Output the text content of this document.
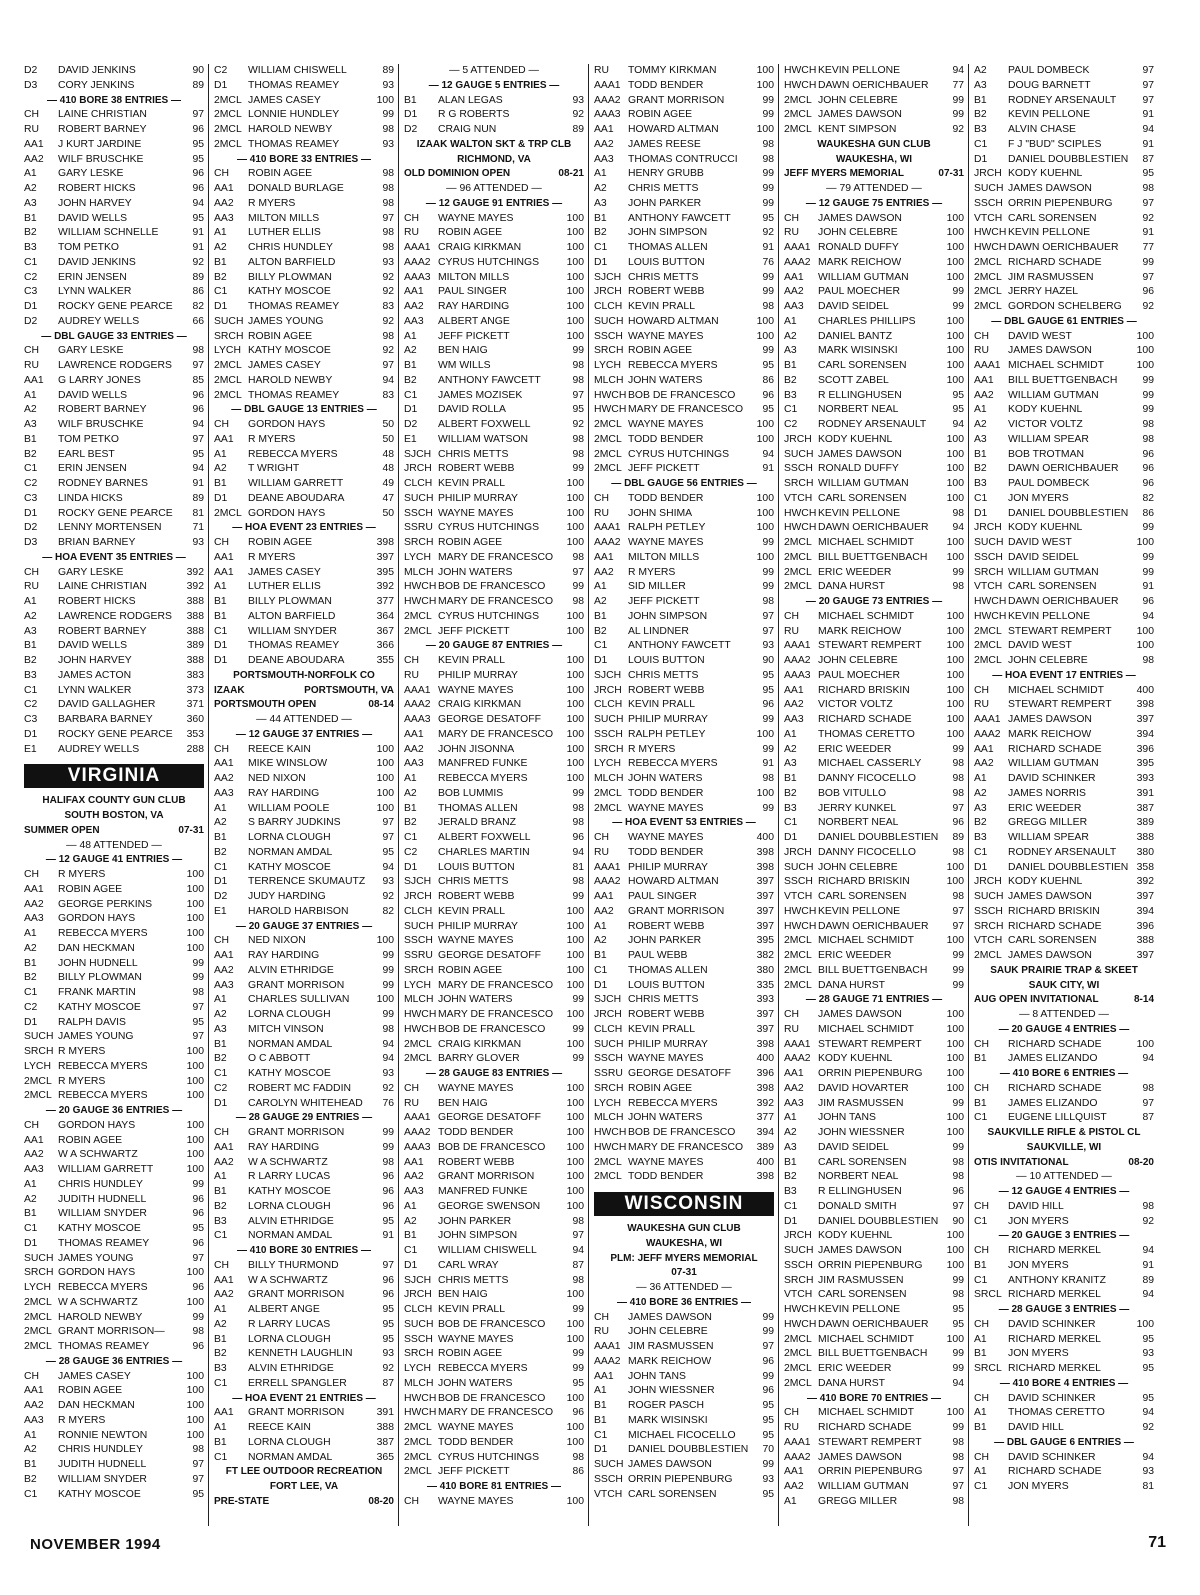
D2	DAVID JENKINS	90
D3	CORY JENKINS	89
— 410 BORE 38 ENTRIES —
CH	LAINE CHRISTIAN	97
RU	ROBERT BARNEY	96
AA1	J KURT JARDINE	95
AA2	WILF BRUSCHKE	95
A1	GARY LESKE	96
A2	ROBERT HICKS	96
A3	JOHN HARVEY	94
B1	DAVID WELLS	95
B2	WILLIAM SCHNELLE	91
B3	TOM PETKO	91
C1	DAVID JENKINS	92
C2	ERIN JENSEN	89
C3	LYNN WALKER	86
D1	ROCKY GENE PEARCE	82
D2	AUDREY WELLS	66
— DBL GAUGE 33 ENTRIES —
CH	GARY LESKE	98
RU	LAWRENCE RODGERS	97
AA1	G LARRY JONES	85
A1	DAVID WELLS	96
A2	ROBERT BARNEY	96
A3	WILF BRUSCHKE	94
B1	TOM PETKO	97
B2	EARL BEST	95
C1	ERIN JENSEN	94
C2	RODNEY BARNES	91
C3	LINDA HICKS	89
D1	ROCKY GENE PEARCE	81
D2	LENNY MORTENSEN	71
D3	BRIAN BARNEY	93
— HOA EVENT 35 ENTRIES —
CH	GARY LESKE	392
RU	LAINE CHRISTIAN	392
A1	ROBERT HICKS	388
A2	LAWRENCE RODGERS	388
A3	ROBERT BARNEY	388
B1	DAVID WELLS	389
B2	JOHN HARVEY	388
B3	JAMES ACTON	383
C1	LYNN WALKER	373
C2	DAVID GALLAGHER	371
C3	BARBARA BARNEY	360
D1	ROCKY GENE PEARCE	353
E1	AUDREY WELLS	288
VIRGINIA
HALIFAX COUNTY GUN CLUB
SOUTH BOSTON, VA
SUMMER OPEN	07-31
— 48 ATTENDED —
— 12 GAUGE 41 ENTRIES —
CH	R MYERS	100
AA1	ROBIN AGEE	100
AA2	GEORGE PERKINS	100
AA3	GORDON HAYS	100
A1	REBECCA MYERS	100
A2	DAN HECKMAN	100
B1	JOHN HUDNELL	99
B2	BILLY PLOWMAN	99
C1	FRANK MARTIN	98
C2	KATHY MOSCOE	97
D1	RALPH DAVIS	95
SUCH JAMES YOUNG	97
SRCH R MYERS	100
LYCH REBECCA MYERS	100
2MCL R MYERS	100
2MCL REBECCA MYERS	100
— 20 GAUGE 36 ENTRIES —
CH	GORDON HAYS	100
AA1	ROBIN AGEE	100
AA2	W A SCHWARTZ	100
AA3	WILLIAM GARRETT	100
A1	CHRIS HUNDLEY	99
A2	JUDITH HUDNELL	96
B1	WILLIAM SNYDER	96
C1	KATHY MOSCOE	95
D1	THOMAS REAMEY	96
SUCH JAMES YOUNG	97
SRCH GORDON HAYS	100
LYCH REBECCA MYERS	96
2MCL W A SCHWARTZ	100
2MCL HAROLD NEWBY	99
2MCL GRANT MORRISON—	98
2MCL THOMAS REAMEY	96
— 28 GAUGE 36 ENTRIES —
CH	JAMES CASEY	100
AA1	ROBIN AGEE	100
AA2	DAN HECKMAN	100
AA3	R MYERS	100
A1	RONNIE NEWTON	100
A2	CHRIS HUNDLEY	98
B1	JUDITH HUDNELL	97
B2	WILLIAM SNYDER	97
C1	KATHY MOSCOE	95
C2	WILLIAM CHISWELL	89
D1	THOMAS REAMEY	93
2MCL JAMES CASEY	100
2MCL LONNIE HUNDLEY	99
2MCL HAROLD NEWBY	98
2MCL THOMAS REAMEY	93
— 410 BORE 33 ENTRIES —
CH	ROBIN AGEE	98
AA1	DONALD BURLAGE	98
AA2	R MYERS	98
AA3	MILTON MILLS	97
A1	LUTHER ELLIS	98
A2	CHRIS HUNDLEY	98
B1	ALTON BARFIELD	93
B2	BILLY PLOWMAN	92
C1	KATHY MOSCOE	92
D1	THOMAS REAMEY	83
SUCH JAMES YOUNG	92
SRCH ROBIN AGEE	98
LYCH KATHY MOSCOE	92
2MCL JAMES CASEY	97
2MCL HAROLD NEWBY	94
2MCL THOMAS REAMEY	83
— DBL GAUGE 13 ENTRIES —
CH	GORDON HAYS	50
AA1	R MYERS	50
A1	REBECCA MYERS	48
A2	T WRIGHT	48
B1	WILLIAM GARRETT	49
D1	DEANE ABOUDARA	47
2MCL GORDON HAYS	50
— HOA EVENT 23 ENTRIES —
CH	ROBIN AGEE	398
AA1	R MYERS	397
AA1	JAMES CASEY	395
A1	LUTHER ELLIS	392
B1	BILLY PLOWMAN	377
B1	ALTON BARFIELD	364
C1	WILLIAM SNYDER	367
D1	THOMAS REAMEY	366
D1	DEANE ABOUDARA	355
PORTSMOUTH-NORFOLK CO
IZAAK	PORTSMOUTH, VA
PORTSMOUTH OPEN	08-14
— 44 ATTENDED —
— 12 GAUGE 37 ENTRIES —
CH	REECE KAIN	100
AA1	MIKE WINSLOW	100
AA2	NED NIXON	100
AA3	RAY HARDING	100
A1	WILLIAM POOLE	100
A2	S BARRY JUDKINS	97
B1	LORNA CLOUGH	97
B2	NORMAN AMDAL	95
C1	KATHY MOSCOE	94
D1	TERRENCE SKUMAUTZ	93
D2	JUDY HARDING	92
E1	HAROLD HARBISON	82
— 20 GAUGE 37 ENTRIES —
CH	NED NIXON	100
AA1	RAY HARDING	99
AA2	ALVIN ETHRIDGE	99
AA3	GRANT MORRISON	99
A1	CHARLES SULLIVAN	100
A2	LORNA CLOUGH	99
A3	MITCH VINSON	98
B1	NORMAN AMDAL	94
B2	O C ABBOTT	94
C1	KATHY MOSCOE	93
C2	ROBERT MC FADDIN	92
D1	CAROLYN WHITEHEAD	76
— 28 GAUGE 29 ENTRIES —
CH	GRANT MORRISON	99
AA1	RAY HARDING	99
AA2	W A SCHWARTZ	98
A1	R LARRY LUCAS	96
B1	KATHY MOSCOE	96
B2	LORNA CLOUGH	96
B3	ALVIN ETHRIDGE	95
C1	NORMAN AMDAL	91
— 410 BORE 30 ENTRIES —
CH	BILLY THURMOND	97
AA1	W A SCHWARTZ	96
AA2	GRANT MORRISON	96
A1	ALBERT ANGE	95
A2	R LARRY LUCAS	95
B1	LORNA CLOUGH	95
B2	KENNETH LAUGHLIN	93
B3	ALVIN ETHRIDGE	92
C1	ERRELL SPANGLER	87
— HOA EVENT 21 ENTRIES —
AA1	GRANT MORRISON	391
A1	REECE KAIN	388
B1	LORNA CLOUGH	387
C1	NORMAN AMDAL	365
FT LEE OUTDOOR RECREATION
FORT LEE, VA
PRE-STATE	08-20
— 5 ATTENDED —
— 12 GAUGE 5 ENTRIES —
B1	ALAN LEGAS	93
D1	R G ROBERTS	92
D2	CRAIG NUN	89
IZAAK WALTON SKT & TRP CLB
RICHMOND, VA
OLD DOMINION OPEN	08-21
— 96 ATTENDED —
— 12 GAUGE 91 ENTRIES —
CH	WAYNE MAYES	100
RU	ROBIN AGEE	100
AAA1 CRAIG KIRKMAN	100
AAA2 CYRUS HUTCHINGS	100
AAA3 MILTON MILLS	100
AA1	PAUL SINGER	100
AA2	RAY HARDING	100
AA3	ALBERT ANGE	100
A1	JEFF PICKETT	100
A2	BEN HAIG	99
B1	WM WILLS	98
B2	ANTHONY FAWCETT	98
C1	JAMES MOZISEK	97
D1	DAVID ROLLA	95
D2	ALBERT FOXWELL	92
E1	WILLIAM WATSON	98
SJCH CHRIS METTS	98
JRCH ROBERT WEBB	99
CLCH KEVIN PRALL	100
SUCH PHILIP MURRAY	100
SSCH WAYNE MAYES	100
SSRU CYRUS HUTCHINGS	100
SRCH ROBIN AGEE	100
LYCH MARY DE FRANCESCO	98
MLCH JOHN WATERS	97
HWCH BOB DE FRANCESCO	99
HWCH MARY DE FRANCESCO	98
2MCL CYRUS HUTCHINGS	100
2MCL JEFF PICKETT	100
— 20 GAUGE 87 ENTRIES —
CH	KEVIN PRALL	100
RU	PHILIP MURRAY	100
AAA1 WAYNE MAYES	100
AAA2 CRAIG KIRKMAN	100
AAA3 GEORGE DESATOFF	100
AA1	MARY DE FRANCESCO	100
AA2	JOHN JISONNA	100
AA3	MANFRED FUNKE	100
A1	REBECCA MYERS	100
A2	BOB LUMMIS	99
B1	THOMAS ALLEN	98
B2	JERALD BRANZ	98
C1	ALBERT FOXWELL	96
C2	CHARLES MARTIN	94
D1	LOUIS BUTTON	81
SJCH CHRIS METTS	98
JRCH ROBERT WEBB	99
CLCH KEVIN PRALL	100
SUCH PHILIP MURRAY	100
SSCH WAYNE MAYES	100
SSRU GEORGE DESATOFF	100
SRCH ROBIN AGEE	100
LYCH MARY DE FRANCESCO	100
MLCH JOHN WATERS	99
HWCH MARY DE FRANCESCO	100
HWCH BOB DE FRANCESCO	99
2MCL CRAIG KIRKMAN	100
2MCL BARRY GLOVER	99
— 28 GAUGE 83 ENTRIES —
CH	WAYNE MAYES	100
RU	BEN HAIG	100
AAA1 GEORGE DESATOFF	100
AAA2 TODD BENDER	100
AAA3 BOB DE FRANCESCO	100
AA1	ROBERT WEBB	100
AA2	GRANT MORRISON	100
AA3	MANFRED FUNKE	100
A1	GEORGE SWENSON	100
A2	JOHN PARKER	98
B1	JOHN SIMPSON	97
C1	WILLIAM CHISWELL	94
D1	CARL WRAY	87
SJCH CHRIS METTS	98
JRCH BEN HAIG	100
CLCH KEVIN PRALL	99
SUCH BOB DE FRANCESCO	100
SSCH WAYNE MAYES	100
SRCH ROBIN AGEE	99
LYCH REBECCA MYERS	99
MLCH JOHN WATERS	95
HWCH BOB DE FRANCESCO	100
HWCH MARY DE FRANCESCO	96
2MCL WAYNE MAYES	100
2MCL TODD BENDER	100
2MCL CYRUS HUTCHINGS	98
2MCL JEFF PICKETT	86
— 410 BORE 81 ENTRIES —
CH	WAYNE MAYES	100
RU	TOMMY KIRKMAN	100
AAA1 TODD BENDER	100
AAA2 GRANT MORRISON	99
AAA3 ROBIN AGEE	99
AA1	HOWARD ALTMAN	100
AA2	JAMES REESE	98
AA3	THOMAS CONTRUCCI	98
A1	HENRY GRUBB	99
A2	CHRIS METTS	99
A3	JOHN PARKER	99
B1	ANTHONY FAWCETT	95
B2	JOHN SIMPSON	92
C1	THOMAS ALLEN	91
D1	LOUIS BUTTON	76
SJCH CHRIS METTS	99
JRCH ROBERT WEBB	99
CLCH KEVIN PRALL	98
SUCH HOWARD ALTMAN	100
SSCH WAYNE MAYES	100
SRCH ROBIN AGEE	99
LYCH REBECCA MYERS	95
MLCH JOHN WATERS	86
HWCH BOB DE FRANCESCO	96
HWCH MARY DE FRANCESCO	95
2MCL WAYNE MAYES	100
2MCL TODD BENDER	100
2MCL CYRUS HUTCHINGS	94
2MCL JEFF PICKETT	91
— DBL GAUGE 56 ENTRIES —
CH	TODD BENDER	100
RU	JOHN SHIMA	100
AAA1 RALPH PETLEY	100
AAA2 WAYNE MAYES	99
AA1	MILTON MILLS	100
AA2	R MYERS	99
A1	SID MILLER	99
A2	JEFF PICKETT	98
B1	JOHN SIMPSON	97
B2	AL LINDNER	97
C1	ANTHONY FAWCETT	93
D1	LOUIS BUTTON	90
SJCH CHRIS METTS	95
JRCH ROBERT WEBB	95
CLCH KEVIN PRALL	96
SUCH PHILIP MURRAY	99
SSCH RALPH PETLEY	100
SRCH R MYERS	99
LYCH REBECCA MYERS	91
MLCH JOHN WATERS	98
2MCL TODD BENDER	100
2MCL WAYNE MAYES	99
— HOA EVENT 53 ENTRIES —
CH	WAYNE MAYES	400
RU	TODD BENDER	398
AAA1 PHILIP MURRAY	398
AAA2 HOWARD ALTMAN	397
AA1	PAUL SINGER	397
AA2	GRANT MORRISON	397
A1	ROBERT WEBB	397
A2	JOHN PARKER	395
B1	PAUL WEBB	382
C1	THOMAS ALLEN	380
D1	LOUIS BUTTON	335
SJCH CHRIS METTS	393
JRCH ROBERT WEBB	397
CLCH KEVIN PRALL	397
SUCH PHILIP MURRAY	398
SSCH WAYNE MAYES	400
SSRU GEORGE DESATOFF	396
SRCH ROBIN AGEE	398
LYCH REBECCA MYERS	392
MLCH JOHN WATERS	377
HWCH BOB DE FRANCESCO	394
HWCH MARY DE FRANCESCO	389
2MCL WAYNE MAYES	400
2MCL TODD BENDER	398
WISCONSIN
WAUKESHA GUN CLUB
WAUKESHA, WI
PLM: JEFF MYERS MEMORIAL
07-31
— 36 ATTENDED —
— 410 BORE 36 ENTRIES —
CH	JAMES DAWSON	99
RU	JOHN CELEBRE	99
AAA1 JIM RASMUSSEN	97
AAA2 MARK REICHOW	96
AA1	JOHN TANS	99
A1	JOHN WIESSNER	96
B1	ROGER PASCH	95
B1	MARK WISINSKI	95
C1	MICHAEL FICOCELLO	95
D1	DANIEL DOUBBLESTIEN	70
SUCH JAMES DAWSON	99
SSCH ORRIN PIEPENBURG	93
VTCH CARL SORENSEN	95
HWCH KEVIN PELLONE	94
HWCH DAWN OERICHBAUER	77
2MCL JOHN CELEBRE	99
2MCL JAMES DAWSON	99
2MCL KENT SIMPSON	92
WAUKESHA GUN CLUB
WAUKESHA, WI
JEFF MYERS MEMORIAL	07-31
— 79 ATTENDED —
— 12 GAUGE 75 ENTRIES —
CH	JAMES DAWSON	100
RU	JOHN CELEBRE	100
AAA1 RONALD DUFFY	100
AAA2 MARK REICHOW	100
AA1	WILLIAM GUTMAN	100
AA2	PAUL MOECHER	99
AA3	DAVID SEIDEL	99
A1	CHARLES PHILLIPS	100
A2	DANIEL BANTZ	100
A3	MARK WISINSKI	100
B1	CARL SORENSEN	100
B2	SCOTT ZABEL	100
B3	R ELLINGHUSEN	95
C1	NORBERT NEAL	95
C2	RODNEY ARSENAULT	94
JRCH KODY KUEHNL	100
SUCH JAMES DAWSON	100
SSCH RONALD DUFFY	100
SRCH WILLIAM GUTMAN	100
VTCH CARL SORENSEN	100
HWCH KEVIN PELLONE	98
HWCH DAWN OERICHBAUER	94
2MCL MICHAEL SCHMIDT	100
2MCL BILL BUETTGENBACH	100
2MCL ERIC WEEDER	99
2MCL DANA HURST	98
— 20 GAUGE 73 ENTRIES —
CH	MICHAEL SCHMIDT	100
RU	MARK REICHOW	100
AAA1 STEWART REMPERT	100
AAA2 JOHN CELEBRE	100
AAA3 PAUL MOECHER	100
AA1	RICHARD BRISKIN	100
AA2	VICTOR VOLTZ	100
AA3	RICHARD SCHADE	100
A1	THOMAS CERETTO	100
A2	ERIC WEEDER	99
A3	MICHAEL CASSERLY	98
B1	DANNY FICOCELLO	98
B2	BOB VITULLO	98
B3	JERRY KUNKEL	97
C1	NORBERT NEAL	96
D1	DANIEL DOUBBLESTIEN	89
JRCH DANNY FICOCELLO	98
SUCH JOHN CELEBRE	100
SSCH RICHARD BRISKIN	100
VTCH CARL SORENSEN	98
HWCH KEVIN PELLONE	97
HWCH DAWN OERICHBAUER	97
2MCL MICHAEL SCHMIDT	100
2MCL ERIC WEEDER	99
2MCL BILL BUETTGENBACH	99
2MCL DANA HURST	99
— 28 GAUGE 71 ENTRIES —
CH	JAMES DAWSON	100
RU	MICHAEL SCHMIDT	100
AAA1 STEWART REMPERT	100
AAA2 KODY KUEHNL	100
AA1	ORRIN PIEPENBURG	100
AA2	DAVID HOVARTER	100
AA3	JIM RASMUSSEN	99
A1	JOHN TANS	100
A2	JOHN WIESSNER	100
A3	DAVID SEIDEL	99
B1	CARL SORENSEN	98
B2	NORBERT NEAL	98
B3	R ELLINGHUSEN	96
C1	DONALD SMITH	97
D1	DANIEL DOUBBLESTIEN	90
JRCH KODY KUEHNL	100
SUCH JAMES DAWSON	100
SSCH ORRIN PIEPENBURG	100
SRCH JIM RASMUSSEN	99
VTCH CARL SORENSEN	98
HWCH KEVIN PELLONE	95
HWCH DAWN OERICHBAUER	95
2MCL MICHAEL SCHMIDT	100
2MCL BILL BUETTGENBACH	99
2MCL ERIC WEEDER	99
2MCL DANA HURST	94
— 410 BORE 70 ENTRIES —
CH	MICHAEL SCHMIDT	100
RU	RICHARD SCHADE	99
AAA1 STEWART REMPERT	98
AAA2 JAMES DAWSON	98
AA1	ORRIN PIEPENBURG	97
AA2	WILLIAM GUTMAN	97
A1	GREGG MILLER	98
A2	PAUL DOMBECK	97
A3	DOUG BARNETT	97
B1	RODNEY ARSENAULT	97
B2	KEVIN PELLONE	91
B3	ALVIN CHASE	94
C1	F J "BUD" SCIPLES	91
D1	DANIEL DOUBBLESTIEN	87
JRCH KODY KUEHNL	95
SUCH JAMES DAWSON	98
SSCH ORRIN PIEPENBURG	97
VTCH CARL SORENSEN	92
HWCH KEVIN PELLONE	91
HWCH DAWN OERICHBAUER	77
2MCL RICHARD SCHADE	99
2MCL JIM RASMUSSEN	97
2MCL JERRY HAZEL	96
2MCL GORDON SCHELBERG	92
— DBL GAUGE 61 ENTRIES —
CH	DAVID WEST	100
RU	JAMES DAWSON	100
AAA1 MICHAEL SCHMIDT	100
AA1	BILL BUETTGENBACH	99
AA2	WILLIAM GUTMAN	99
A1	KODY KUEHNL	99
A2	VICTOR VOLTZ	98
A3	WILLIAM SPEAR	98
B1	BOB TROTMAN	96
B2	DAWN OERICHBAUER	96
B3	PAUL DOMBECK	96
C1	JON MYERS	82
D1	DANIEL DOUBBLESTIEN	86
JRCH KODY KUEHNL	99
SUCH DAVID WEST	100
SSCH DAVID SEIDEL	99
SRCH WILLIAM GUTMAN	99
VTCH CARL SORENSEN	91
HWCH DAWN OERICHBAUER	96
HWCH KEVIN PELLONE	94
2MCL STEWART REMPERT	100
2MCL DAVID WEST	100
2MCL JOHN CELEBRE	98
— HOA EVENT 17 ENTRIES —
CH	MICHAEL SCHMIDT	400
RU	STEWART REMPERT	398
AAA1 JAMES DAWSON	397
AAA2 MARK REICHOW	394
AA1	RICHARD SCHADE	396
AA2	WILLIAM GUTMAN	395
A1	DAVID SCHINKER	393
A2	JAMES NORRIS	391
A3	ERIC WEEDER	387
B2	GREGG MILLER	389
B3	WILLIAM SPEAR	388
C1	RODNEY ARSENAULT	380
D1	DANIEL DOUBBLESTIEN 358
JRCH KODY KUEHNL	392
SUCH JAMES DAWSON	397
SSCH RICHARD BRISKIN	394
SRCH RICHARD SCHADE	396
VTCH CARL SORENSEN	388
2MCL JAMES DAWSON	397
SAUK PRAIRIE TRAP & SKEET
SAUK CITY, WI
AUG OPEN INVITATIONAL	8-14
— 8 ATTENDED —
— 20 GAUGE 4 ENTRIES —
CH	RICHARD SCHADE	100
B1	JAMES ELIZANDO	94
— 410 BORE 6 ENTRIES —
CH	RICHARD SCHADE	98
B1	JAMES ELIZANDO	97
C1	EUGENE LILLQUIST	87
SAUKVILLE RIFLE & PISTOL CL
SAUKVILLE, WI
OTIS INVITATIONAL	08-20
— 10 ATTENDED —
— 12 GAUGE 4 ENTRIES —
CH	DAVID HILL	98
C1	JON MYERS	92
— 20 GAUGE 3 ENTRIES —
CH	RICHARD MERKEL	94
B1	JON MYERS	91
C1	ANTHONY KRANITZ	89
SRCL RICHARD MERKEL	94
— 28 GAUGE 3 ENTRIES —
CH	DAVID SCHINKER	100
A1	RICHARD MERKEL	95
B1	JON MYERS	93
SRCL RICHARD MERKEL	95
— 410 BORE 4 ENTRIES —
CH	DAVID SCHINKER	95
A1	THOMAS CERETTO	94
B1	DAVID HILL	92
— DBL GAUGE 6 ENTRIES —
CH	DAVID SCHINKER	94
A1	RICHARD SCHADE	93
C1	JON MYERS	81
NOVEMBER 1994	71
